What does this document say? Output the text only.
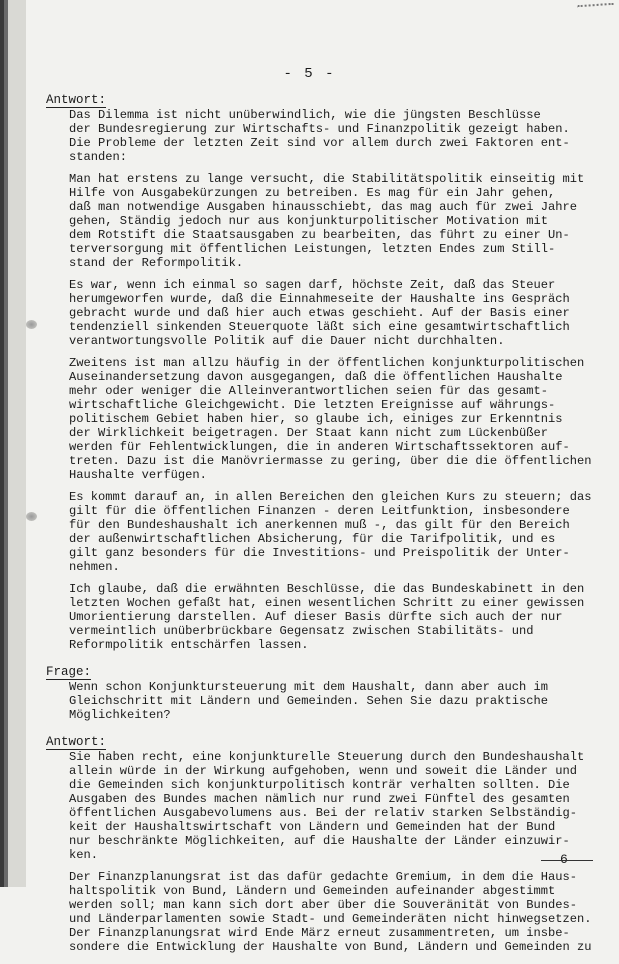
- 5 -
Antwort:

Das Dilemma ist nicht unüberwindlich, wie die jüngsten Beschlüsse
der Bundesregierung zur Wirtschafts- und Finanzpolitik gezeigt haben.
Die Probleme der letzten Zeit sind vor allem durch zwei Faktoren ent-
standen:

Man hat erstens zu lange versucht, die Stabilitätspolitik einseitig mit
Hilfe von Ausgabekürzungen zu betreiben. Es mag für ein Jahr gehen,
daß man notwendige Ausgaben hinausschiebt, das mag auch für zwei Jahre
gehen, Ständig jedoch nur aus konjunkturpolitischer Motivation mit
dem Rotstift die Staatsausgaben zu bearbeiten, das führt zu einer Un-
terversorgung mit öffentlichen Leistungen, letzten Endes zum Still-
stand der Reformpolitik.

Es war, wenn ich einmal so sagen darf, höchste Zeit, daß das Steuer
herumgeworfen wurde, daß die Einnahmeseite der Haushalte ins Gespräch
gebracht wurde und daß hier auch etwas geschieht. Auf der Basis einer
tendenziell sinkenden Steuerquote läßt sich eine gesamtwirtschaftlich
verantwortungsvolle Politik auf die Dauer nicht durchhalten.

Zweitens ist man allzu häufig in der öffentlichen konjunkturpolitischen
Auseinandersetzung davon ausgegangen, daß die öffentlichen Haushalte
mehr oder weniger die Alleinverantwortlichen seien für das gesamt-
wirtschaftliche Gleichgewicht. Die letzten Ereignisse auf währungs-
politischem Gebiet haben hier, so glaube ich, einiges zur Erkenntnis
der Wirklichkeit beigetragen. Der Staat kann nicht zum Lückenbüßer
werden für Fehlentwicklungen, die in anderen Wirtschaftssektoren auf-
treten. Dazu ist die Manövriermasse zu gering, über die die öffentlichen
Haushalte verfügen.

Es kommt darauf an, in allen Bereichen den gleichen Kurs zu steuern; das
gilt für die öffentlichen Finanzen - deren Leitfunktion, insbesondere
für den Bundeshaushalt ich anerkennen muß -, das gilt für den Bereich
der außenwirtschaftlichen Absicherung, für die Tarifpolitik, und es
gilt ganz besonders für die Investitions- und Preispolitik der Unter-
nehmen.

Ich glaube, daß die erwähnten Beschlüsse, die das Bundeskabinett in den
letzten Wochen gefaßt hat, einen wesentlichen Schritt zu einer gewissen
Umorientierung darstellen. Auf dieser Basis dürfte sich auch der nur
vermeintlich unüberbrückbare Gegensatz zwischen Stabilitäts- und
Reformpolitik entschärfen lassen.

Frage:

Wenn schon Konjunktursteuerung mit dem Haushalt, dann aber auch im
Gleichschritt mit Ländern und Gemeinden. Sehen Sie dazu praktische
Möglichkeiten?

Antwort:

Sie haben recht, eine konjunkturelle Steuerung durch den Bundeshaushalt
allein würde in der Wirkung aufgehoben, wenn und soweit die Länder und
die Gemeinden sich konjunkturpolitisch konträr verhalten sollten. Die
Ausgaben des Bundes machen nämlich nur rund zwei Fünftel des gesamten
öffentlichen Ausgabevolumens aus. Bei der relativ starken Selbständig-
keit der Haushaltswirtschaft von Ländern und Gemeinden hat der Bund
nur beschränkte Möglichkeiten, auf die Haushalte der Länder einzuwir-
ken.

Der Finanzplanungsrat ist das dafür gedachte Gremium, in dem die Haus-
haltspolitik von Bund, Ländern und Gemeinden aufeinander abgestimmt
werden soll; man kann sich dort aber über die Souveränität von Bundes-
und Länderparlamenten sowie Stadt- und Gemeinderäten nicht hinwegsetzen.
Der Finanzplanungsrat wird Ende März erneut zusammentreten, um insbe-
sondere die Entwicklung der Haushalte von Bund, Ländern und Gemeinden zu

6
